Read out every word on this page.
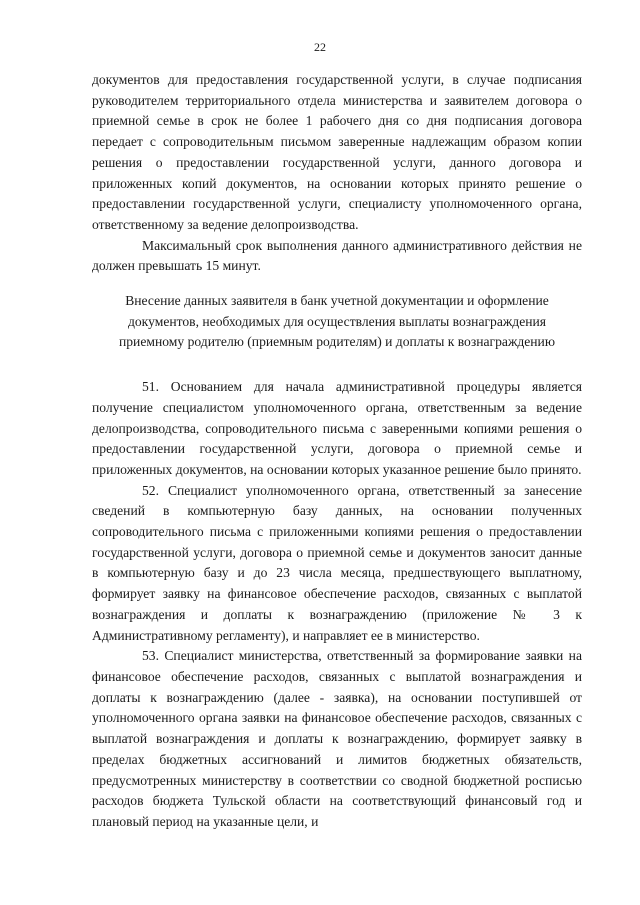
22

документов для предоставления государственной услуги, в случае подписания руководителем территориального отдела министерства и заявителем договора о приемной семье в срок не более 1 рабочего дня со дня подписания договора передает с сопроводительным письмом заверенные надлежащим образом копии решения о предоставлении государственной услуги, данного договора и приложенных копий документов, на основании которых принято решение о предоставлении государственной услуги, специалисту уполномоченного органа, ответственному за ведение делопроизводства.

Максимальный срок выполнения данного административного действия не должен превышать 15 минут.

Внесение данных заявителя в банк учетной документации и оформление
документов, необходимых для осуществления выплаты вознаграждения
приемному родителю (приемным родителям) и доплаты к вознаграждению

51. Основанием для начала административной процедуры является получение специалистом уполномоченного органа, ответственным за ведение делопроизводства, сопроводительного письма с заверенными копиями решения о предоставлении государственной услуги, договора о приемной семье и приложенных документов, на основании которых указанное решение было принято.

52. Специалист уполномоченного органа, ответственный за занесение сведений в компьютерную базу данных, на основании полученных сопроводительного письма с приложенными копиями решения о предоставлении государственной услуги, договора о приемной семье и документов заносит данные в компьютерную базу и до 23 числа месяца, предшествующего выплатному, формирует заявку на финансовое обеспечение расходов, связанных с выплатой вознаграждения и доплаты к вознаграждению (приложение № 3 к Административному регламенту), и направляет ее в министерство.

53. Специалист министерства, ответственный за формирование заявки на финансовое обеспечение расходов, связанных с выплатой вознаграждения и доплаты к вознаграждению (далее - заявка), на основании поступившей от уполномоченного органа заявки на финансовое обеспечение расходов, связанных с выплатой вознаграждения и доплаты к вознаграждению, формирует заявку в пределах бюджетных ассигнований и лимитов бюджетных обязательств, предусмотренных министерству в соответствии со сводной бюджетной росписью расходов бюджета Тульской области на соответствующий финансовый год и плановый период на указанные цели, и
